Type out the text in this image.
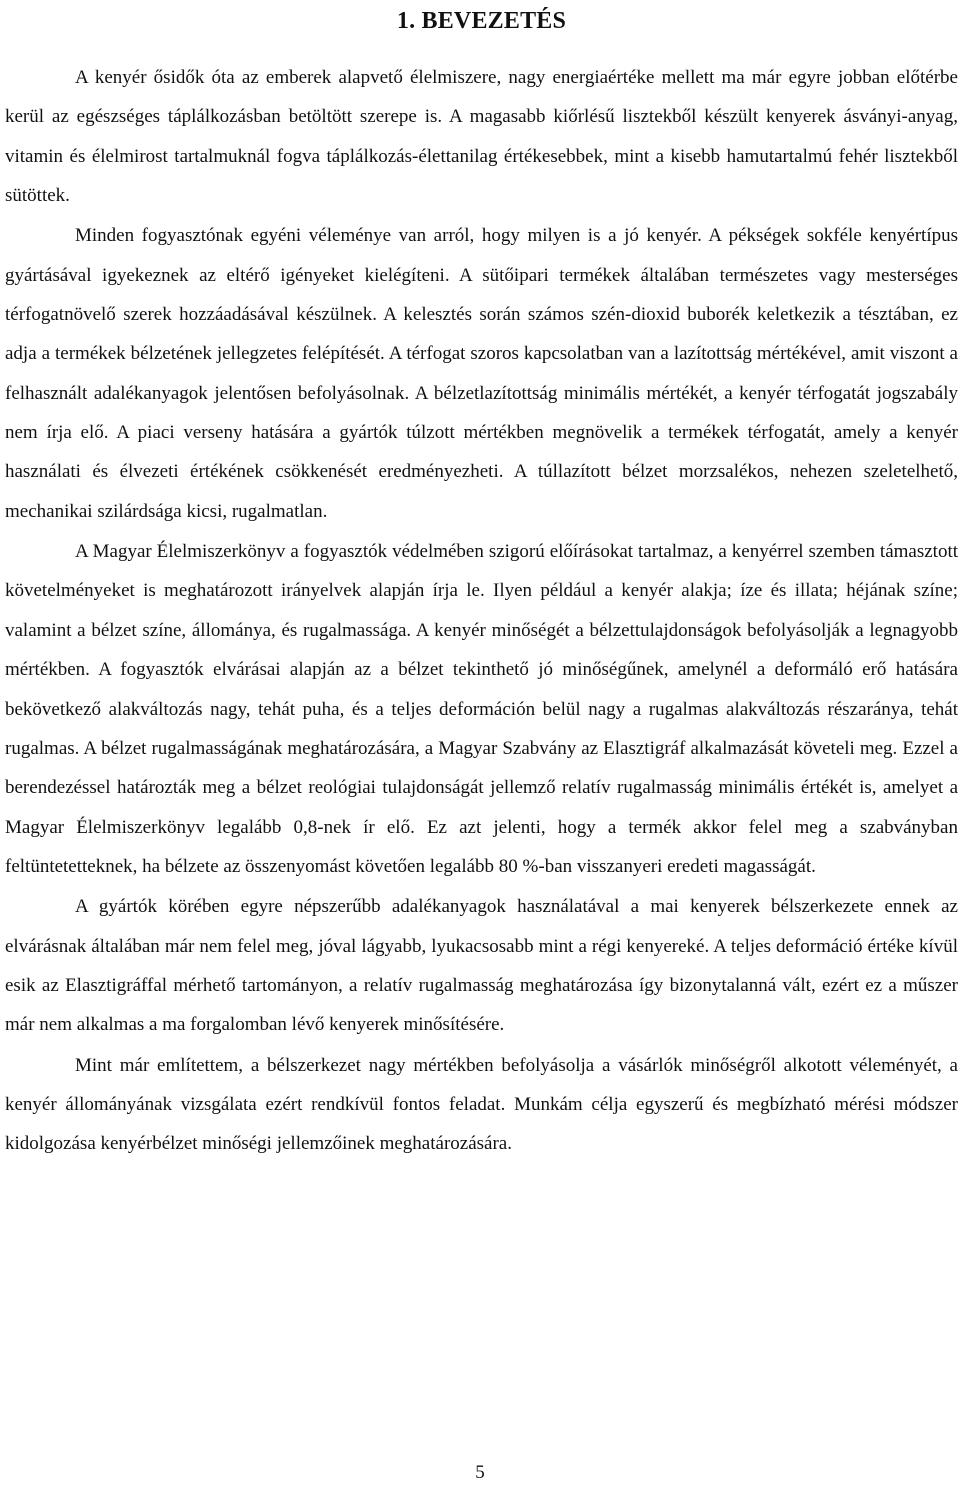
1. BEVEZETÉS

A kenyér ősidők óta az emberek alapvető élelmiszere, nagy energiaértéke mellett ma már egyre jobban előtérbe kerül az egészséges táplálkozásban betöltött szerepe is. A magasabb kiőrlésű lisztekből készült kenyerek ásványi-anyag, vitamin és élelmirost tartalmuknál fogva táplálkozás-élettanilag értékesebbek, mint a kisebb hamutartalmú fehér lisztekből sütöttek.

Minden fogyasztónak egyéni véleménye van arról, hogy milyen is a jó kenyér. A pékségek sokféle kenyértípus gyártásával igyekeznek az eltérő igényeket kielégíteni. A sütőipari termékek általában természetes vagy mesterséges térfogatnövelő szerek hozzáadásával készülnek. A kelesztés során számos szén-dioxid buborék keletkezik a tésztában, ez adja a termékek bélzetének jellegzetes felépítését. A térfogat szoros kapcsolatban van a lazítottság mértékével, amit viszont a felhasznált adalékanyagok jelentősen befolyásolnak. A bélzetlazítottság minimális mértékét, a kenyér térfogatát jogszabály nem írja elő. A piaci verseny hatására a gyártók túlzott mértékben megnövelik a termékek térfogatát, amely a kenyér használati és élvezeti értékének csökkenését eredményezheti. A túllazított bélzet morzsalékos, nehezen szeletelhető, mechanikai szilárdsága kicsi, rugalmatlan.

A Magyar Élelmiszerkönyv a fogyasztók védelmében szigorú előírásokat tartalmaz, a kenyérrel szemben támasztott követelményeket is meghatározott irányelvek alapján írja le. Ilyen például a kenyér alakja; íze és illata; héjának színe; valamint a bélzet színe, állománya, és rugalmassága. A kenyér minőségét a bélzettulajdonságok befolyásolják a legnagyobb mértékben. A fogyasztók elvárásai alapján az a bélzet tekinthető jó minőségűnek, amelynél a deformáló erő hatására bekövetkező alakváltozás nagy, tehát puha, és a teljes deformáción belül nagy a rugalmas alakváltozás részaránya, tehát rugalmas. A bélzet rugalmasságának meghatározására, a Magyar Szabvány az Elasztigráf alkalmazását követeli meg. Ezzel a berendezéssel határozták meg a bélzet reológiai tulajdonságát jellemző relatív rugalmasság minimális értékét is, amelyet a Magyar Élelmiszerkönyv legalább 0,8-nek ír elő. Ez azt jelenti, hogy a termék akkor felel meg a szabványban feltüntetetteknek, ha bélzete az összenyomást követően legalább 80 %-ban visszanyeri eredeti magasságát.

A gyártók körében egyre népszerűbb adalékanyagok használatával a mai kenyerek bélszerkezete ennek az elvárásnak általában már nem felel meg, jóval lágyabb, lyukacsosabb mint a régi kenyereké. A teljes deformáció értéke kívül esik az Elasztigráffal mérhető tartományon, a relatív rugalmasság meghatározása így bizonytalanná vált, ezért ez a műszer már nem alkalmas a ma forgalomban lévő kenyerek minősítésére.

Mint már említettem, a bélszerkezet nagy mértékben befolyásolja a vásárlók minőségről alkotott véleményét, a kenyér állományának vizsgálata ezért rendkívül fontos feladat. Munkám célja egyszerű és megbízható mérési módszer kidolgozása kenyérbélzet minőségi jellemzőinek meghatározására.

5
